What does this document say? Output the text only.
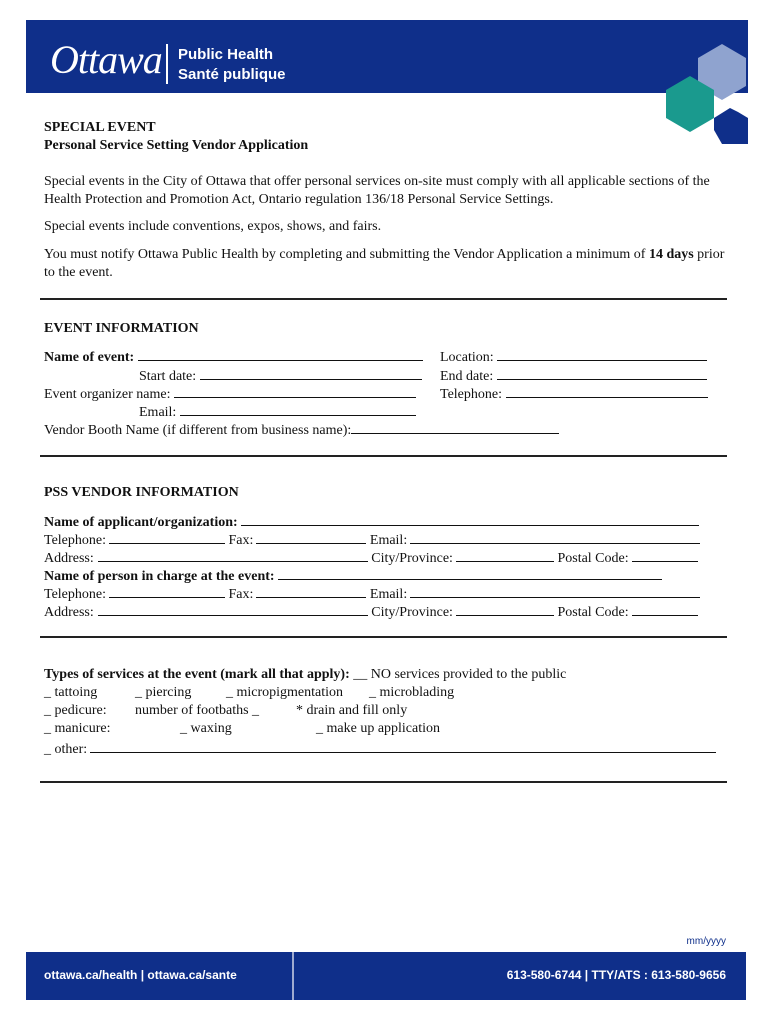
Ottawa Public Health
Santé publique
SPECIAL EVENT
Personal Service Setting Vendor Application
Special events in the City of Ottawa that offer personal services on-site must comply with all applicable sections of the Health Protection and Promotion Act, Ontario regulation 136/18 Personal Service Settings.
Special events include conventions, expos, shows, and fairs.
You must notify Ottawa Public Health by completing and submitting the Vendor Application a minimum of 14 days prior to the event.
EVENT INFORMATION
Name of event:	Location:
Start date:	End date:
Event organizer name:	Telephone:
Email:
Vendor Booth Name (if different from business name):
PSS VENDOR INFORMATION
Name of applicant/organization:
Telephone:	Fax:	Email:
Address:	City/Province:	Postal Code:
Name of person in charge at the event:
Telephone:	Fax:	Email:
Address:	City/Province:	Postal Code:
Types of services at the event (mark all that apply): __ NO services provided to the public
_ tattoing	_ piercing _ micropigmentation _ microblading
_ pedicure: number of footbaths _	* drain and fill only
_ manicure:	_ waxing	_ make up application
_ other:
mm/yyyy
ottawa.ca/health | ottawa.ca/sante	613-580-6744 | TTY/ATS : 613-580-9656
